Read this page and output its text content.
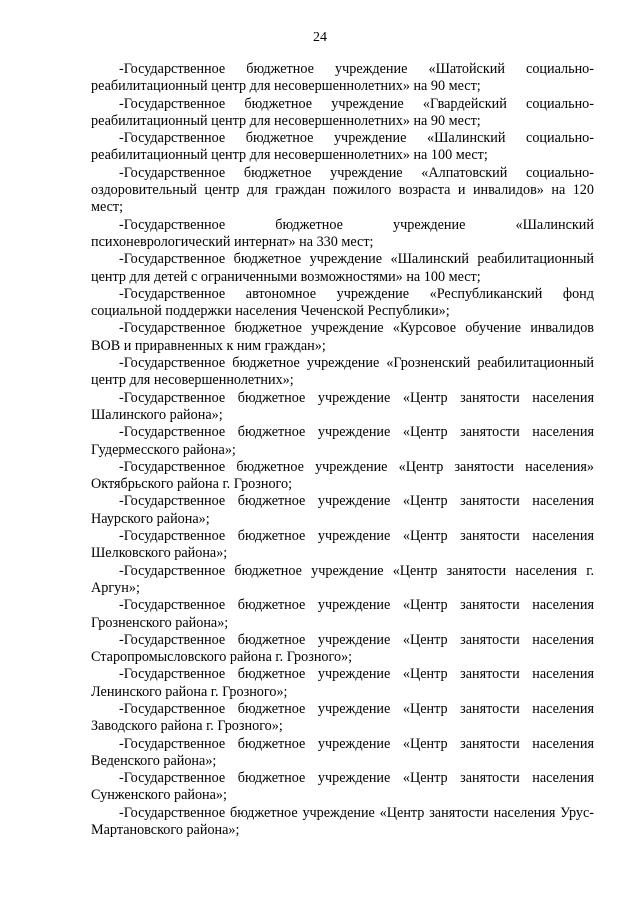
24

-Государственное бюджетное учреждение «Шатойский социально-реабилитационный центр для несовершеннолетних» на 90 мест;

-Государственное бюджетное учреждение «Гвардейский социально-реабилитационный центр для несовершеннолетних» на 90 мест;

-Государственное бюджетное учреждение «Шалинский социально-реабилитационный центр для несовершеннолетних» на 100 мест;

-Государственное бюджетное учреждение «Алпатовский социально-оздоровительный центр для граждан пожилого возраста и инвалидов» на 120 мест;

-Государственное бюджетное учреждение «Шалинский психоневрологический интернат» на 330 мест;

-Государственное бюджетное учреждение «Шалинский реабилитационный центр для детей с ограниченными возможностями» на 100 мест;

-Государственное автономное учреждение «Республиканский фонд социальной поддержки населения Чеченской Республики»;

-Государственное бюджетное учреждение «Курсовое обучение инвалидов ВОВ и приравненных к ним граждан»;

-Государственное бюджетное учреждение «Грозненский реабилитационный центр для несовершеннолетних»;

-Государственное бюджетное учреждение «Центр занятости населения Шалинского района»;

-Государственное бюджетное учреждение «Центр занятости населения Гудермесского района»;

-Государственное бюджетное учреждение «Центр занятости населения» Октябрьского района г. Грозного;

-Государственное бюджетное учреждение «Центр занятости населения Наурского района»;

-Государственное бюджетное учреждение «Центр занятости населения Шелковского района»;

-Государственное бюджетное учреждение «Центр занятости населения г. Аргун»;

-Государственное бюджетное учреждение «Центр занятости населения Грозненского района»;

-Государственное бюджетное учреждение «Центр занятости населения Старопромысловского района г. Грозного»;

-Государственное бюджетное учреждение «Центр занятости населения Ленинского района г. Грозного»;

-Государственное бюджетное учреждение «Центр занятости населения Заводского района г. Грозного»;

-Государственное бюджетное учреждение «Центр занятости населения Веденского района»;

-Государственное бюджетное учреждение «Центр занятости населения Сунженского района»;

-Государственное бюджетное учреждение «Центр занятости населения Урус-Мартановского района»;
